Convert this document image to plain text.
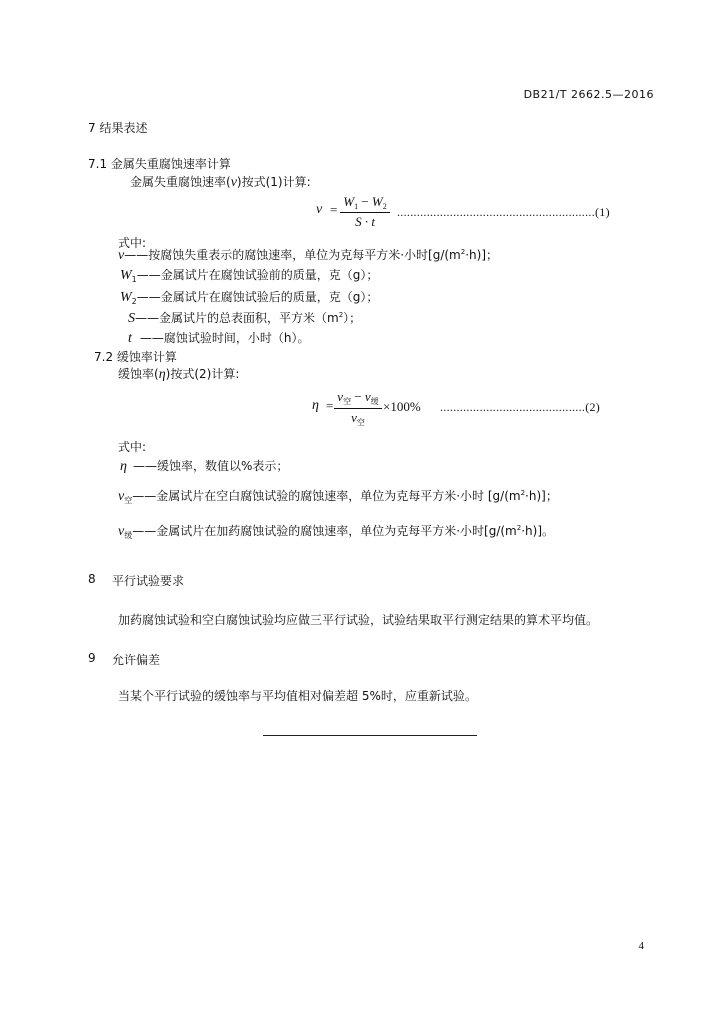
DB21/T 2662.5—2016
7 结果表述
7.1 金属失重腐蚀速率计算
金属失重腐蚀速率(v)按式(1)计算:
$v = \frac{W_1 - W_2}{S \cdot t} ............................................................(1)$
式中:
v——按腐蚀失重表示的腐蚀速率，单位为克每平方米·小时$[g/(m^2\cdot h)]$；
$W_1——$金属试片在腐蚀试验前的质量，克（g）；
$W_2——$金属试片在腐蚀试验后的质量，克（g）；
S——金属试片的总表面积，平方米$(m^2)$；
t ——腐蚀试验时间，小时（h）。
7.2 缓蚀率计算
缓蚀率(η)按式(2)计算:
η =
$v_空 - v_缓$
$v_空$
×100% ............................................(2)
式中:
η ——缓蚀率，数值以%表示；
$v_空——$金属试片在空白腐蚀试验的腐蚀速率，单位为克每平方米·小时 $[g/(m^2\cdot h)]$；
$v_缓——$金属试片在加药腐蚀试验的腐蚀速率，单位为克每平方米·小时$[g/(m^2\cdot h)]$。
8 平行试验要求
加药腐蚀试验和空白腐蚀试验均应做三平行试验，试验结果取平行测定结果的算术平均值。
9 允许偏差
当某个平行试验的缓蚀率与平均值相对偏差超 5%时，应重新试验。
4
